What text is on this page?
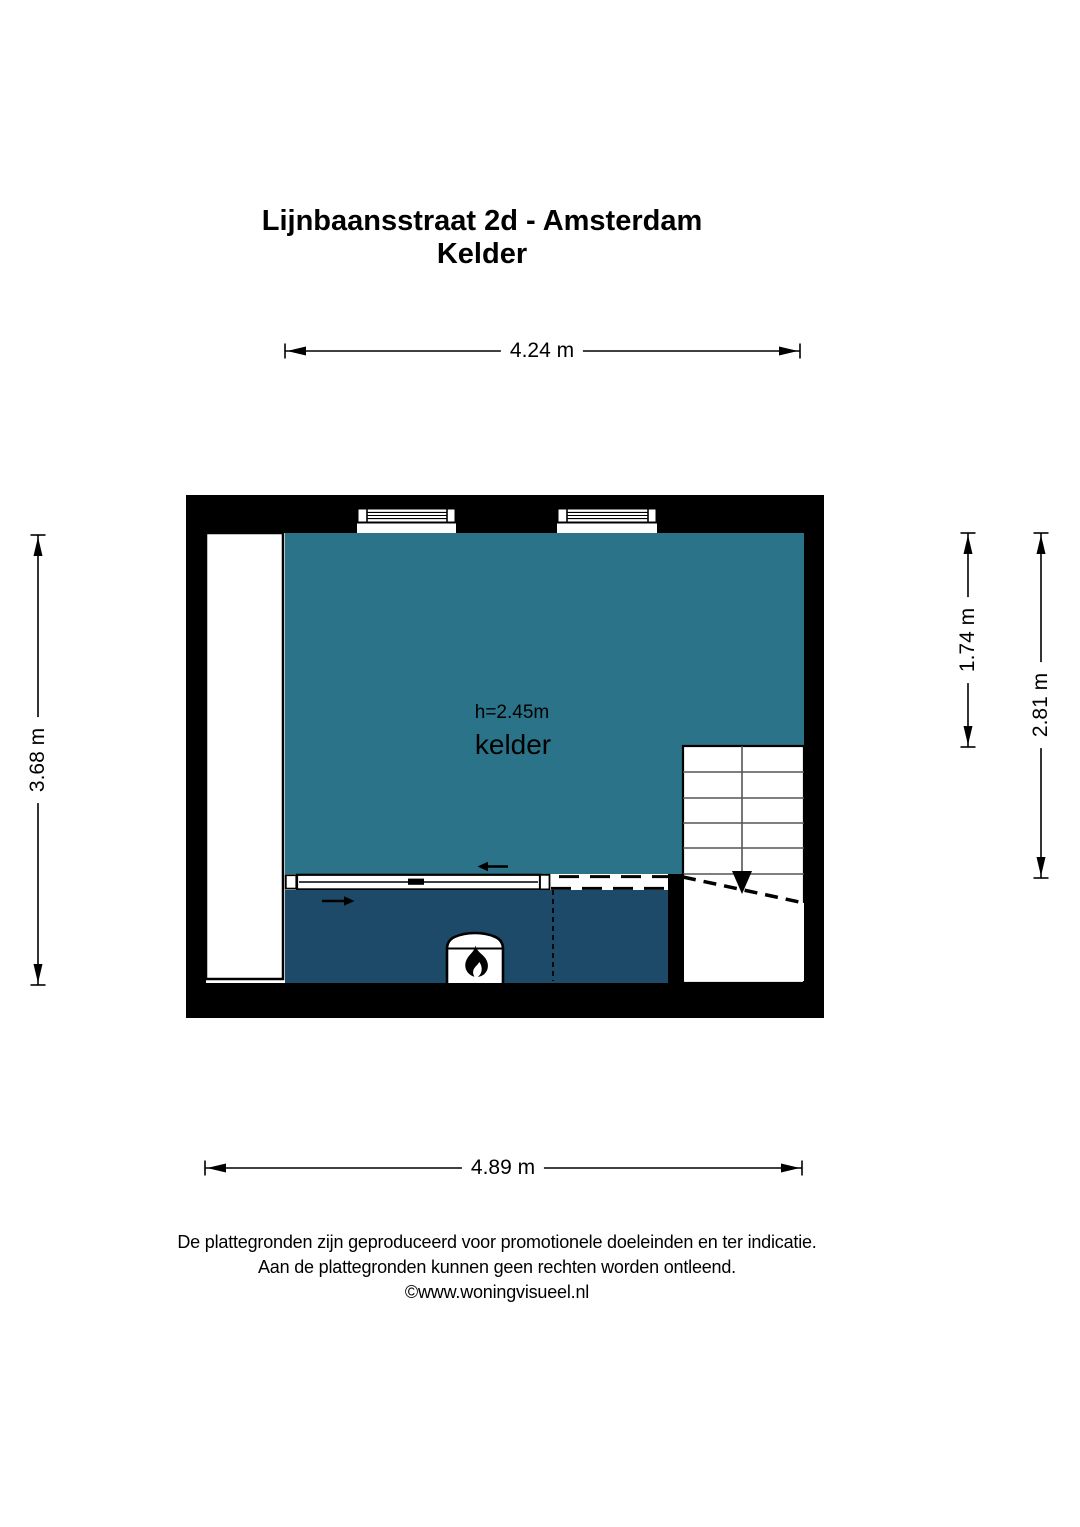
Lijnbaansstraat 2d - Amsterdam
Kelder
4.24 m
4.89 m
3.68 m
1.74 m
2.81 m
h=2.45m
kelder
De plattegronden zijn geproduceerd voor promotionele doeleinden en ter indicatie.
Aan de plattegronden kunnen geen rechten worden ontleend.
©www.woningvisueel.nl
